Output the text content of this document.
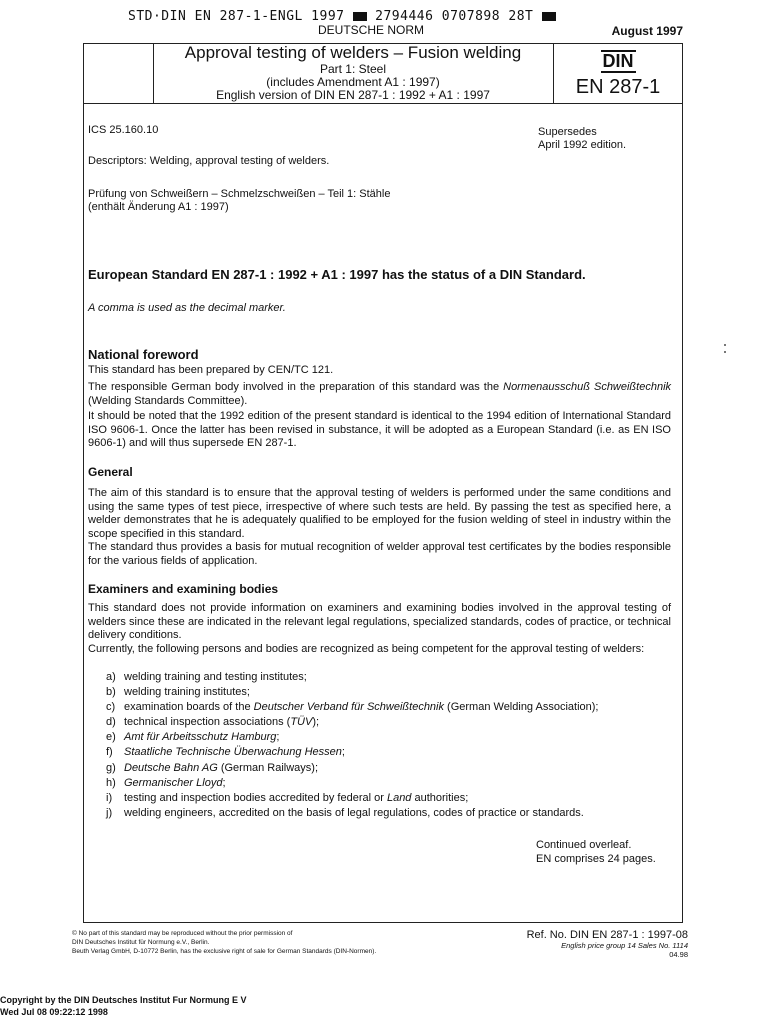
STD·DIN EN 287-1-ENGL 1997 2794446 0707898 28T
DEUTSCHE NORM	August 1997
Approval testing of welders – Fusion welding
Part 1: Steel
(includes Amendment A1 : 1997)
English version of DIN EN 287-1 : 1992 + A1 : 1997
DIN
EN 287-1
ICS 25.160.10	Supersedes
April 1992 edition.
Descriptors: Welding, approval testing of welders.
Prüfung von Schweißern – Schmelzschweißen – Teil 1: Stähle
(enthält Änderung A1 : 1997)
European Standard EN 287-1 : 1992 + A1 : 1997 has the status of a DIN Standard.
A comma is used as the decimal marker.
National foreword
This standard has been prepared by CEN/TC 121.
The responsible German body involved in the preparation of this standard was the Normenausschuß Schweißtechnik (Welding Standards Committee).
It should be noted that the 1992 edition of the present standard is identical to the 1994 edition of International Standard ISO 9606-1. Once the latter has been revised in substance, it will be adopted as a European Standard (i.e. as EN ISO 9606-1) and will thus supersede EN 287-1.
General
The aim of this standard is to ensure that the approval testing of welders is performed under the same conditions and using the same types of test piece, irrespective of where such tests are held. By passing the test as specified here, a welder demonstrates that he is adequately qualified to be employed for the fusion welding of steel in industry within the scope specified in this standard.
The standard thus provides a basis for mutual recognition of welder approval test certificates by the bodies responsible for the various fields of application.
Examiners and examining bodies
This standard does not provide information on examiners and examining bodies involved in the approval testing of welders since these are indicated in the relevant legal regulations, specialized standards, codes of practice, or technical delivery conditions.
Currently, the following persons and bodies are recognized as being competent for the approval testing of welders:
a) welding training and testing institutes;
b) welding training institutes;
c) examination boards of the Deutscher Verband für Schweißtechnik (German Welding Association);
d) technical inspection associations (TÜV);
e) Amt für Arbeitsschutz Hamburg;
f)	Staatliche Technische Überwachung Hessen;
g) Deutsche Bahn AG (German Railways);
h) Germanischer Lloyd;
i)	testing and inspection bodies accredited by federal or Land authorities;
j)	welding engineers, accredited on the basis of legal regulations, codes of practice or standards.
Continued overleaf.
EN comprises 24 pages.
© No part of this standard may be reproduced without the prior permission of
DIN Deutsches Institut für Normung e.V., Berlin.
Beuth Verlag GmbH, D-10772 Berlin, has the exclusive right of sale for German Standards (DIN-Normen).
Ref. No. DIN EN 287-1 : 1997-08
English price group 14 Sales No. 1114
04.98
Copyright by the DIN Deutsches Institut Fur Normung E V
Wed Jul 08 09:22:12 1998
